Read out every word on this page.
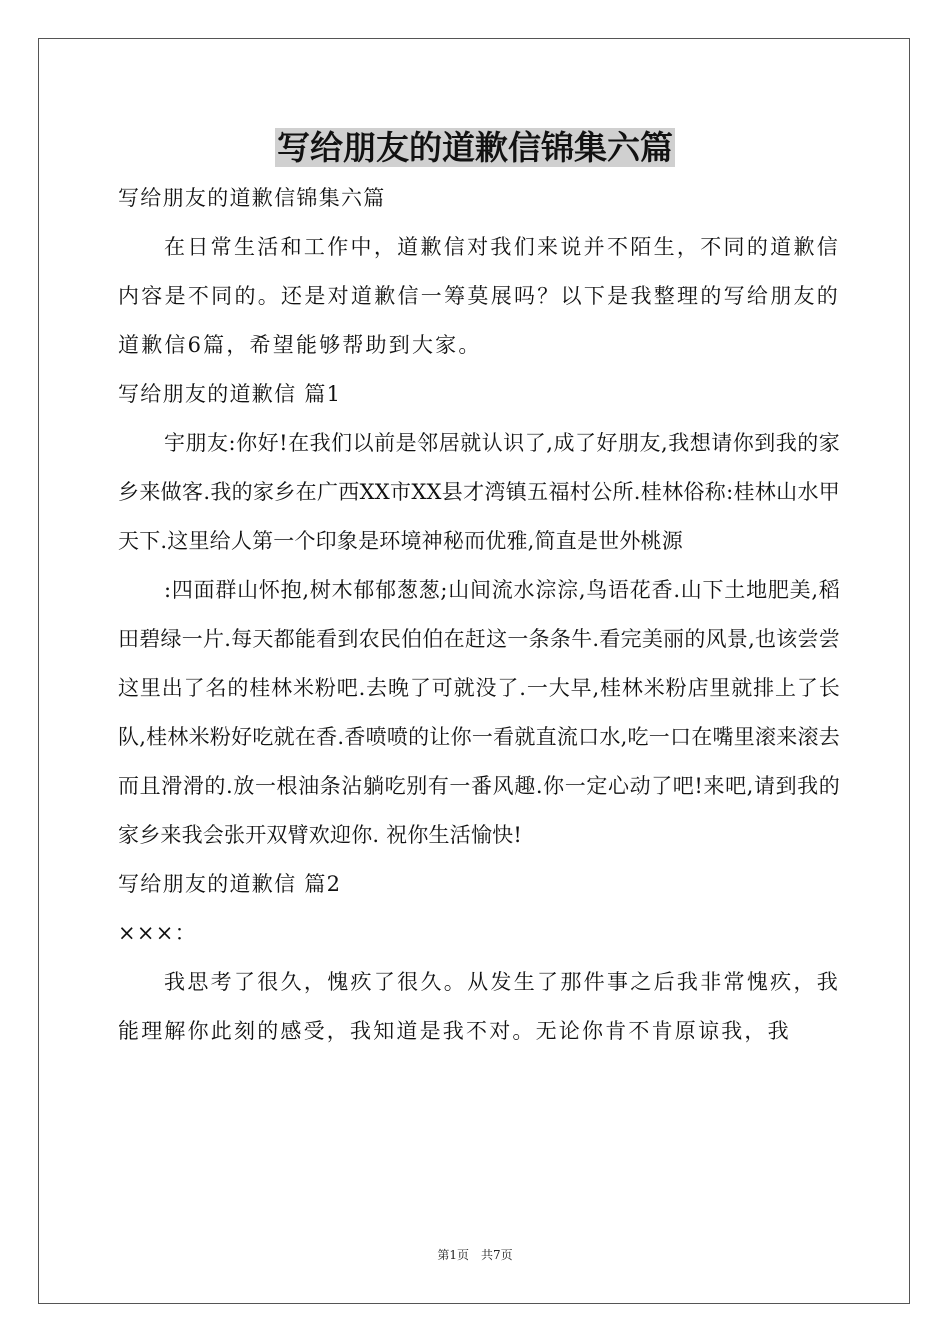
写给朋友的道歉信锦集六篇

写给朋友的道歉信锦集六篇

在日常生活和工作中，道歉信对我们来说并不陌生，不同的道歉信内容是不同的。还是对道歉信一筹莫展吗？以下是我整理的写给朋友的道歉信6篇，希望能够帮助到大家。

写给朋友的道歉信 篇1

宇朋友:你好!在我们以前是邻居就认识了,成了好朋友,我想请你到我的家乡来做客.我的家乡在广西XX市XX县才湾镇五福村公所.桂林俗称:桂林山水甲天下.这里给人第一个印象是环境神秘而优雅,简直是世外桃源

:四面群山怀抱,树木郁郁葱葱;山间流水淙淙,鸟语花香.山下土地肥美,稻田碧绿一片.每天都能看到农民伯伯在赶这一条条牛.看完美丽的风景,也该尝尝这里出了名的桂林米粉吧.去晚了可就没了.一大早,桂林米粉店里就排上了长队,桂林米粉好吃就在香.香喷喷的让你一看就直流口水,吃一口在嘴里滚来滚去而且滑滑的.放一根油条沾躺吃别有一番风趣.你一定心动了吧!来吧,请到我的家乡来我会张开双臂欢迎你. 祝你生活愉快!

写给朋友的道歉信 篇2

×××：

我思考了很久，愧疚了很久。从发生了那件事之后我非常愧疚，我能理解你此刻的感受，我知道是我不对。无论你肯不肯原谅我，我

第1页 共7页
